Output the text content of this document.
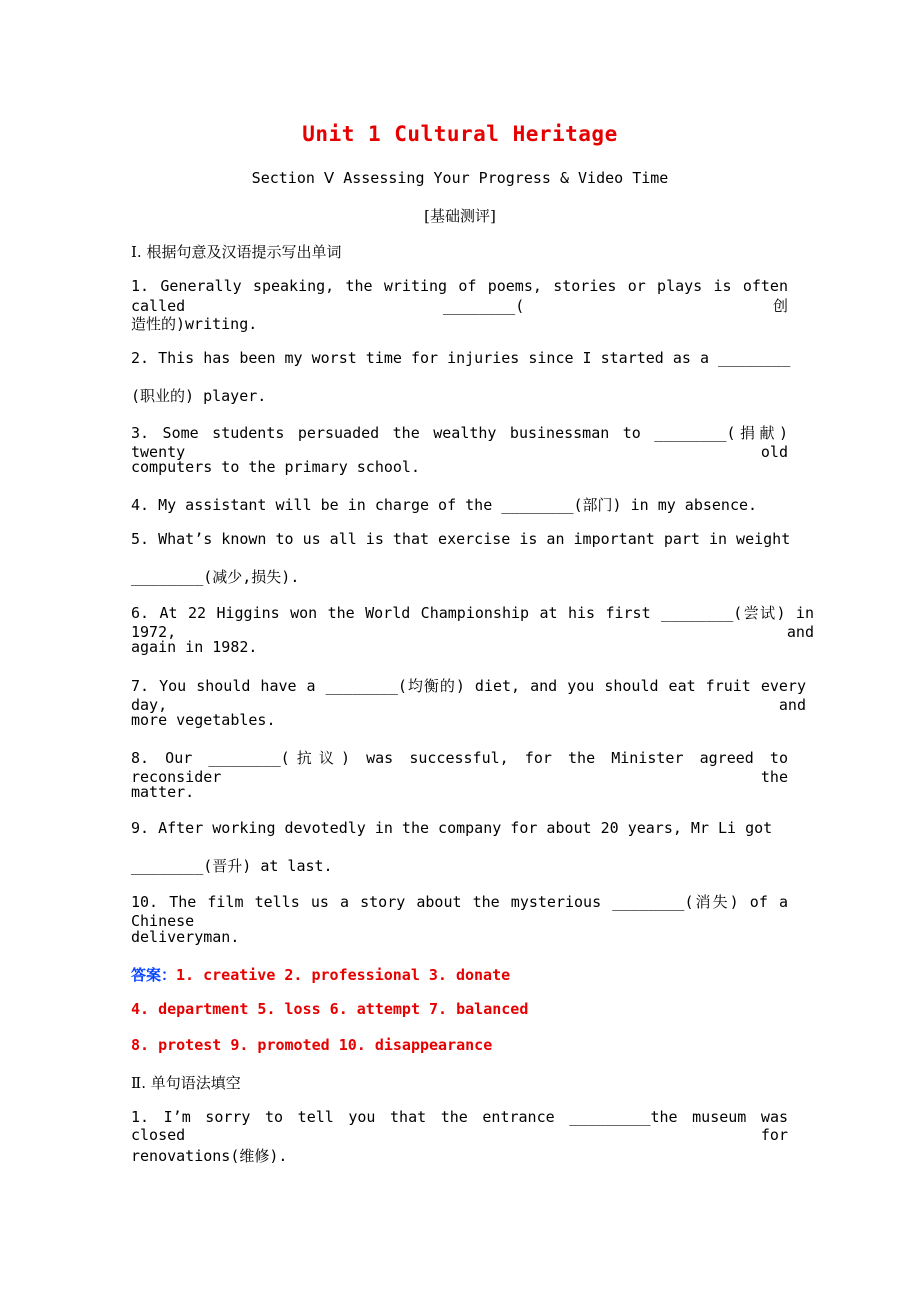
Unit 1 Cultural Heritage
Section Ⅴ Assessing Your Progress & Video Time
[基础测评]
Ⅰ. 根据句意及汉语提示写出单词
1. Generally speaking, the writing of poems, stories or plays is often called ________(创
造性的)writing.
2. This has been my worst time for injuries since I started as a ________
(职业的) player.
3. Some students persuaded the wealthy businessman to ________(捐献) twenty old
computers to the primary school.
4. My assistant will be in charge of the ________(部门) in my absence.
5. What’s known to us all is that exercise is an important part in weight
________(减少,损失).
6. At 22 Higgins won the World Championship at his first ________(尝试) in 1972, and
again in 1982.
7. You should have a ________(均衡的) diet, and you should eat fruit every day, and
more vegetables.
8. Our ________(抗议) was successful, for the Minister agreed to reconsider the
matter.
9. After working devotedly in the company for about 20 years, Mr Li got
________(晋升) at last.
10. The film tells us a story about the mysterious ________(消失) of a Chinese
deliveryman.
答案：1. creative 2. professional 3. donate
4. department 5. loss 6. attempt 7. balanced
8. protest 9. promoted 10. disappearance
Ⅱ. 单句语法填空
1. I’m sorry to tell you that the entrance _________the museum was closed for
renovations(维修).
